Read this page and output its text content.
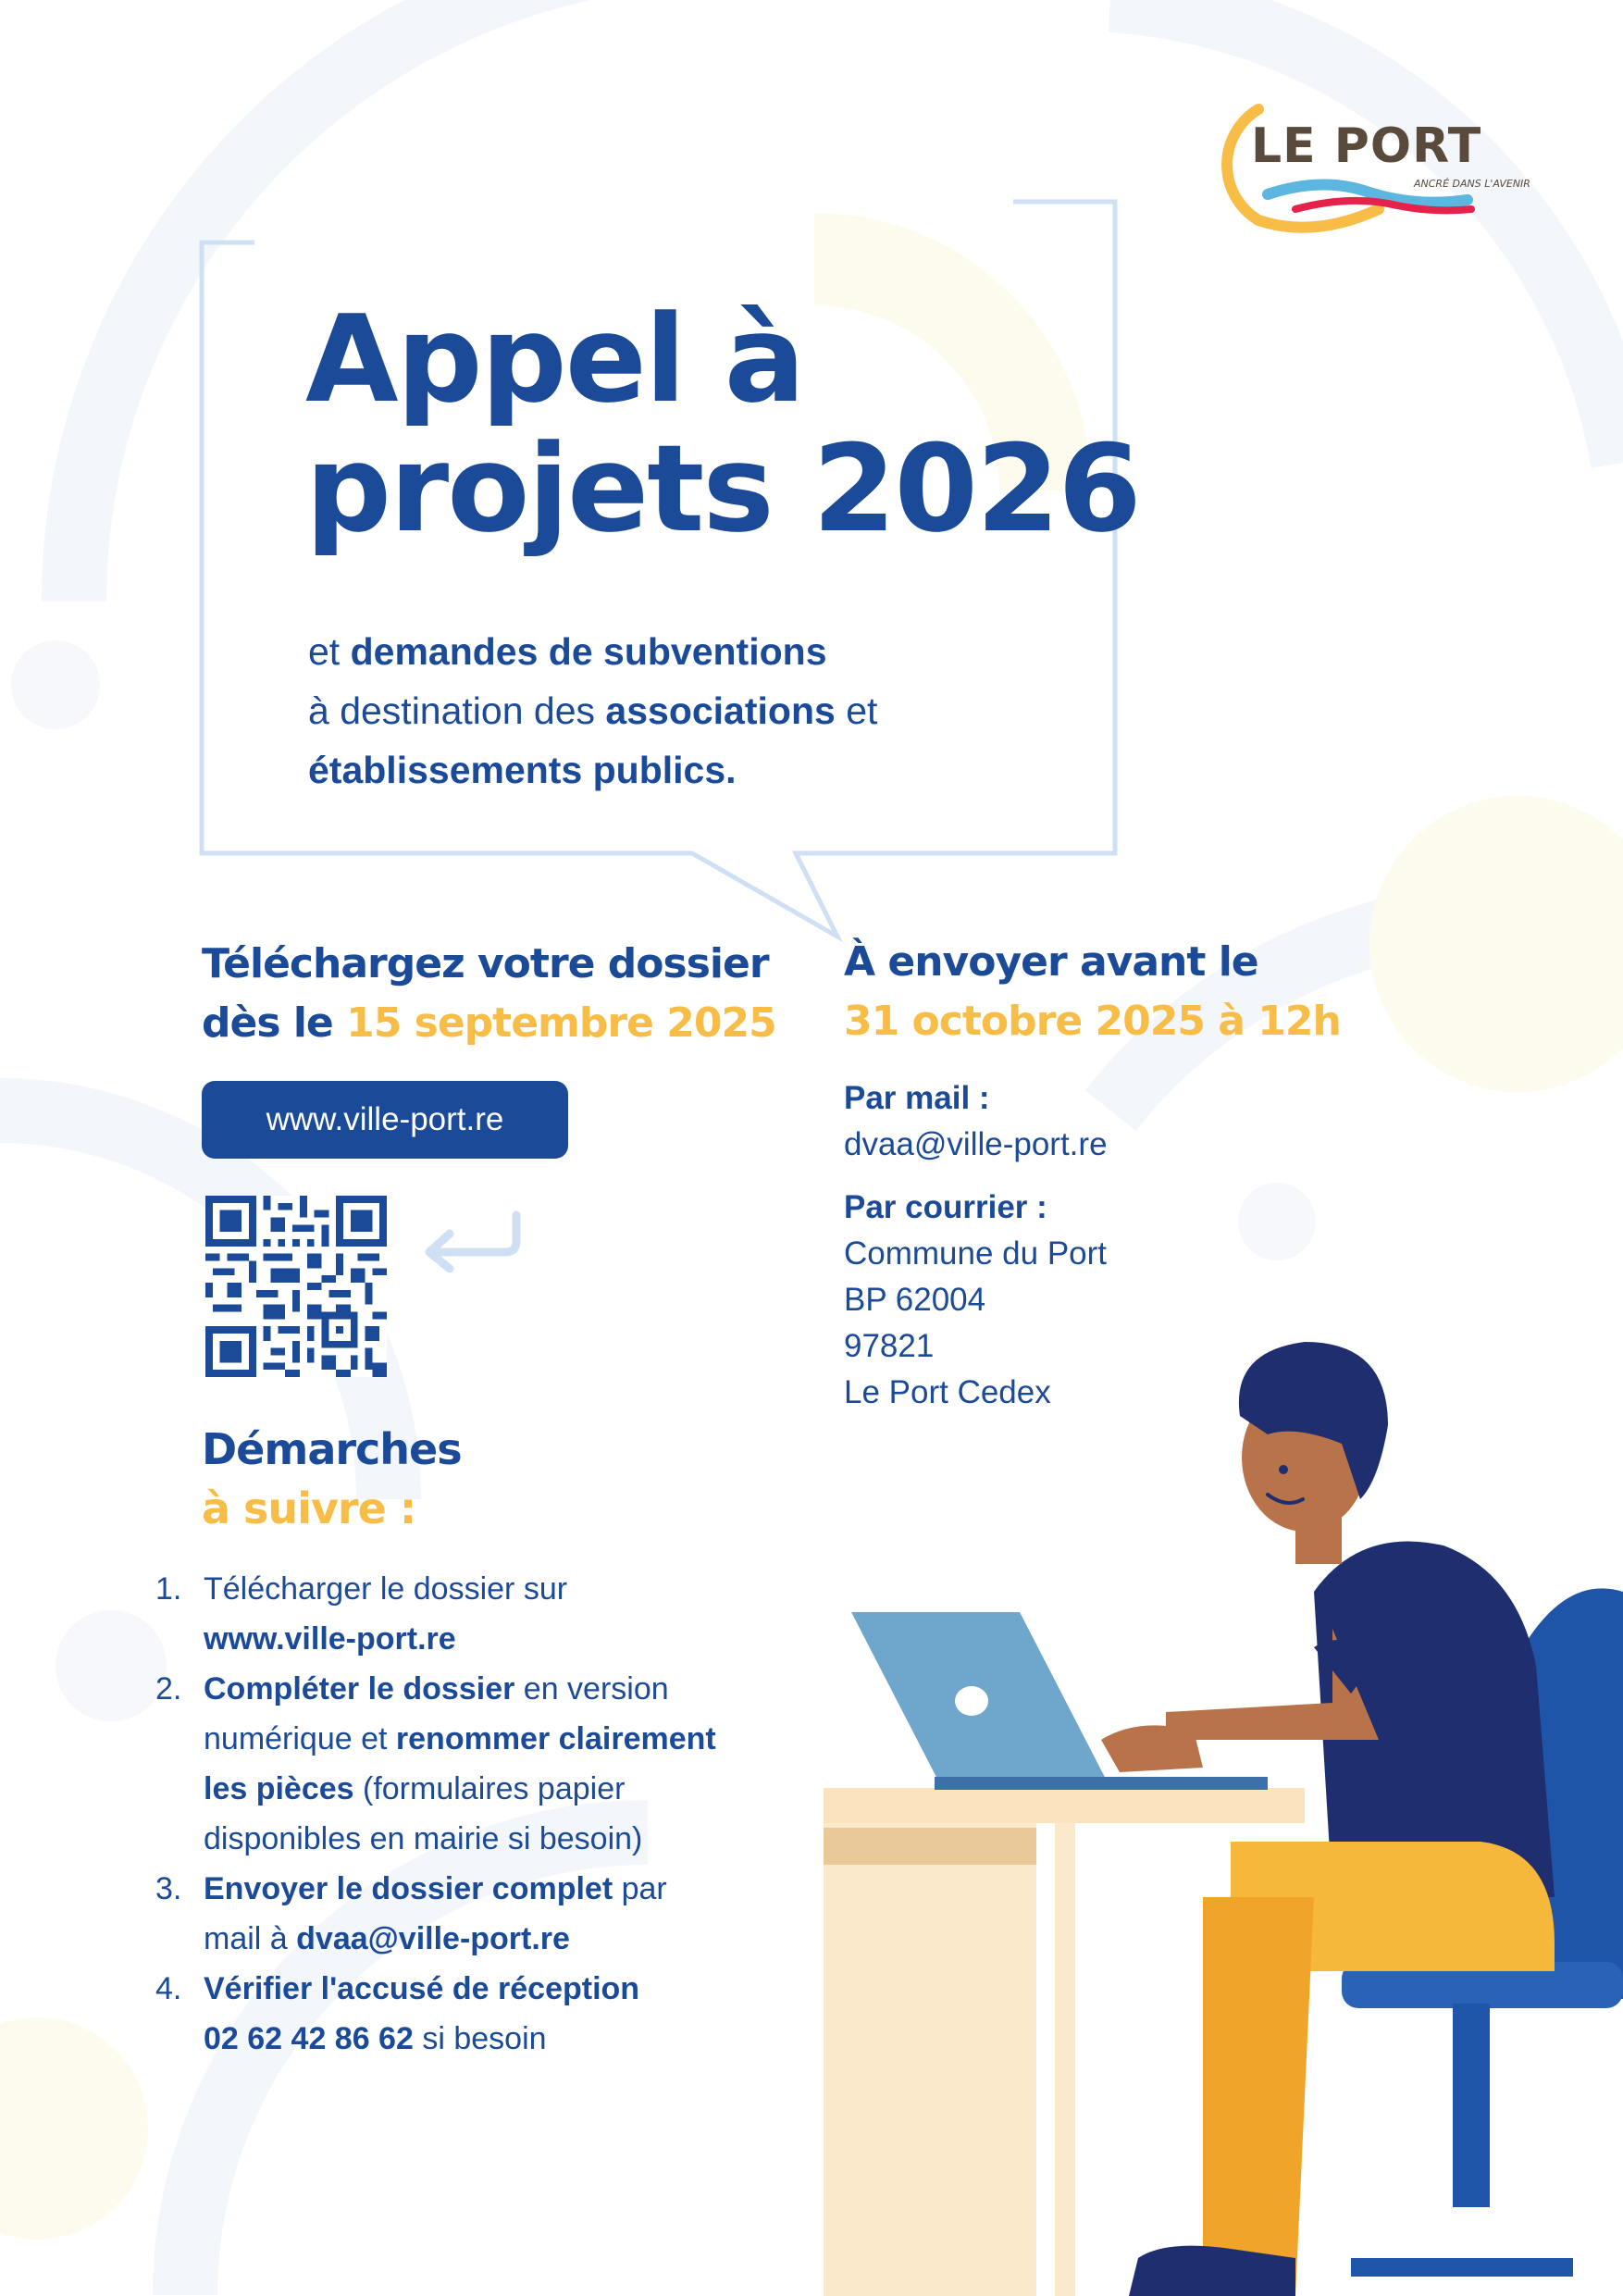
LE PORT
ANCRÉ DANS L'AVENIR
Appel à
projets 2026
et demandes de subventions
à destination des associations et
établissements publics.
Téléchargez votre dossier
dès le 15 septembre 2025
www.ville-port.re
À envoyer avant le
31 octobre 2025 à 12h
Par mail :
dvaa@ville-port.re
Par courrier :
Commune du Port
BP 62004
97821
Le Port Cedex
Démarches
à suivre :
1. Télécharger le dossier sur
www.ville-port.re
2. Compléter le dossier en version
numérique et renommer clairement
les pièces (formulaires papier
disponibles en mairie si besoin)
3. Envoyer le dossier complet par
mail à dvaa@ville-port.re
4. Vérifier l'accusé de réception
02 62 42 86 62 si besoin
